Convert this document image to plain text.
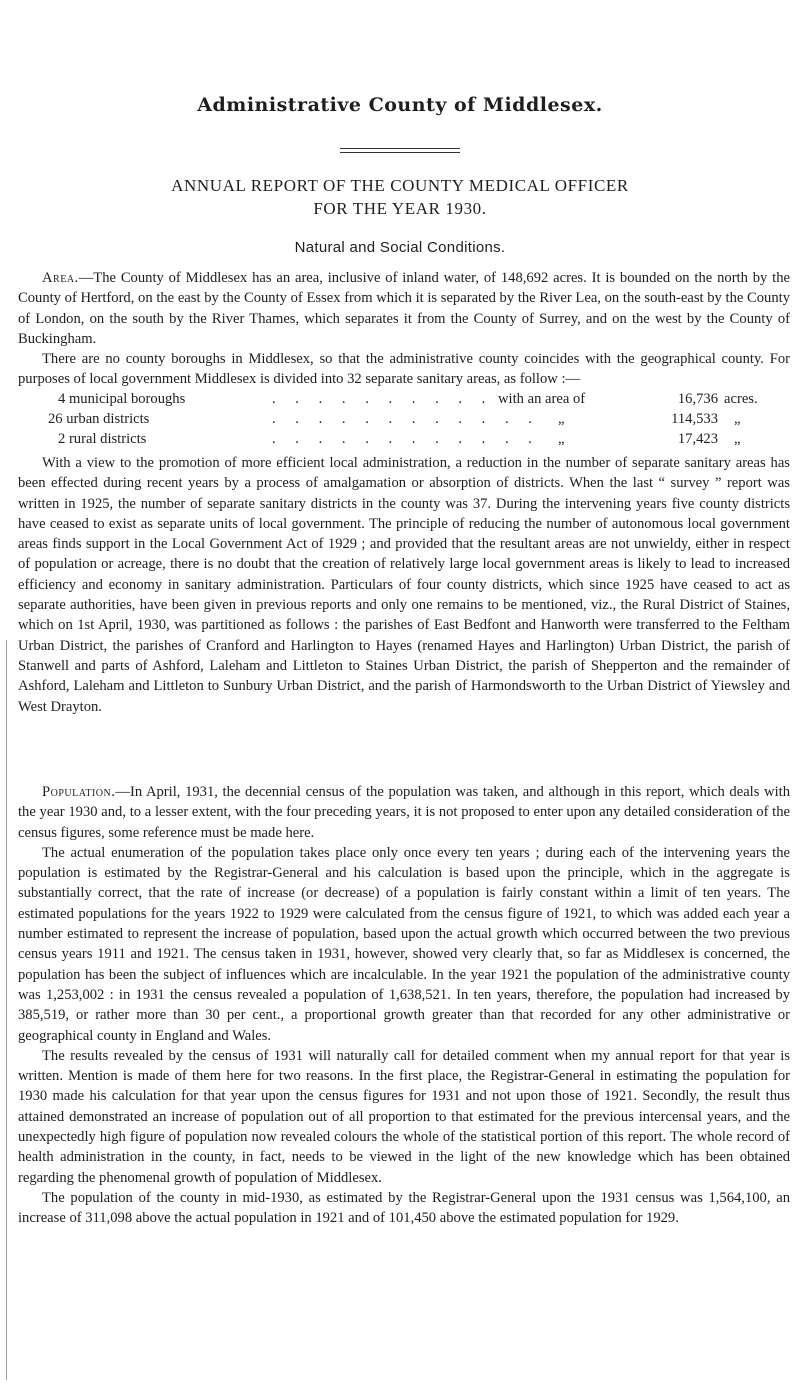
Administrative County of Middlesex.
ANNUAL REPORT OF THE COUNTY MEDICAL OFFICER
FOR THE YEAR 1930.
Natural and Social Conditions.

Area.—The County of Middlesex has an area, inclusive of inland water, of 148,692 acres. It is bounded on the north by the County of Hertford, on the east by the County of Essex from which it is separated by the River Lea, on the south-east by the County of London, on the south by the River Thames, which separates it from the County of Surrey, and on the west by the County of Buckingham.

There are no county boroughs in Middlesex, so that the administrative county coincides with the geographical county. For purposes of local government Middlesex is divided into 32 separate sanitary areas, as follow :—

4 municipal boroughs	. . . . . . . . . . with an area of	16,736 acres.
26 urban districts	. . . . . . . . . . . . „	114,533 „
2 rural districts	. . . . . . . . . . . . „	17,423 „

With a view to the promotion of more efficient local administration, a reduction in the number of separate sanitary areas has been effected during recent years by a process of amalgamation or absorption of districts. When the last “ survey ” report was written in 1925, the number of separate sanitary districts in the county was 37. During the intervening years five county districts have ceased to exist as separate units of local government. The principle of reducing the number of autonomous local government areas finds support in the Local Government Act of 1929 ; and provided that the resultant areas are not unwieldy, either in respect of population or acreage, there is no doubt that the creation of relatively large local government areas is likely to lead to increased efficiency and economy in sanitary administration. Particulars of four county districts, which since 1925 have ceased to act as separate authorities, have been given in previous reports and only one remains to be mentioned, viz., the Rural District of Staines, which on 1st April, 1930, was partitioned as follows : the parishes of East Bedfont and Hanworth were transferred to the Feltham Urban District, the parishes of Cranford and Harlington to Hayes (renamed Hayes and Harlington) Urban District, the parish of Stanwell and parts of Ashford, Laleham and Littleton to Staines Urban District, the parish of Shepperton and the remainder of Ashford, Laleham and Littleton to Sunbury Urban District, and the parish of Harmondsworth to the Urban District of Yiewsley and West Drayton.

Population.—In April, 1931, the decennial census of the population was taken, and although in this report, which deals with the year 1930 and, to a lesser extent, with the four preceding years, it is not proposed to enter upon any detailed consideration of the census figures, some reference must be made here.

The actual enumeration of the population takes place only once every ten years ; during each of the intervening years the population is estimated by the Registrar-General and his calculation is based upon the principle, which in the aggregate is substantially correct, that the rate of increase (or decrease) of a population is fairly constant within a limit of ten years. The estimated populations for the years 1922 to 1929 were calculated from the census figure of 1921, to which was added each year a number estimated to represent the increase of population, based upon the actual growth which occurred between the two previous census years 1911 and 1921. The census taken in 1931, however, showed very clearly that, so far as Middlesex is concerned, the population has been the subject of influences which are incalculable. In the year 1921 the population of the administrative county was 1,253,002 : in 1931 the census revealed a population of 1,638,521. In ten years, therefore, the population had increased by 385,519, or rather more than 30 per cent., a proportional growth greater than that recorded for any other administrative or geographical county in England and Wales.

The results revealed by the census of 1931 will naturally call for detailed comment when my annual report for that year is written. Mention is made of them here for two reasons. In the first place, the Registrar-General in estimating the population for 1930 made his calculation for that year upon the census figures for 1931 and not upon those of 1921. Secondly, the result thus attained demonstrated an increase of population out of all proportion to that estimated for the previous intercensal years, and the unexpectedly high figure of population now revealed colours the whole of the statistical portion of this report. The whole record of health administration in the county, in fact, needs to be viewed in the light of the new knowledge which has been obtained regarding the phenomenal growth of population of Middlesex.

The population of the county in mid-1930, as estimated by the Registrar-General upon the 1931 census was 1,564,100, an increase of 311,098 above the actual population in 1921 and of 101,450 above the estimated population for 1929.
